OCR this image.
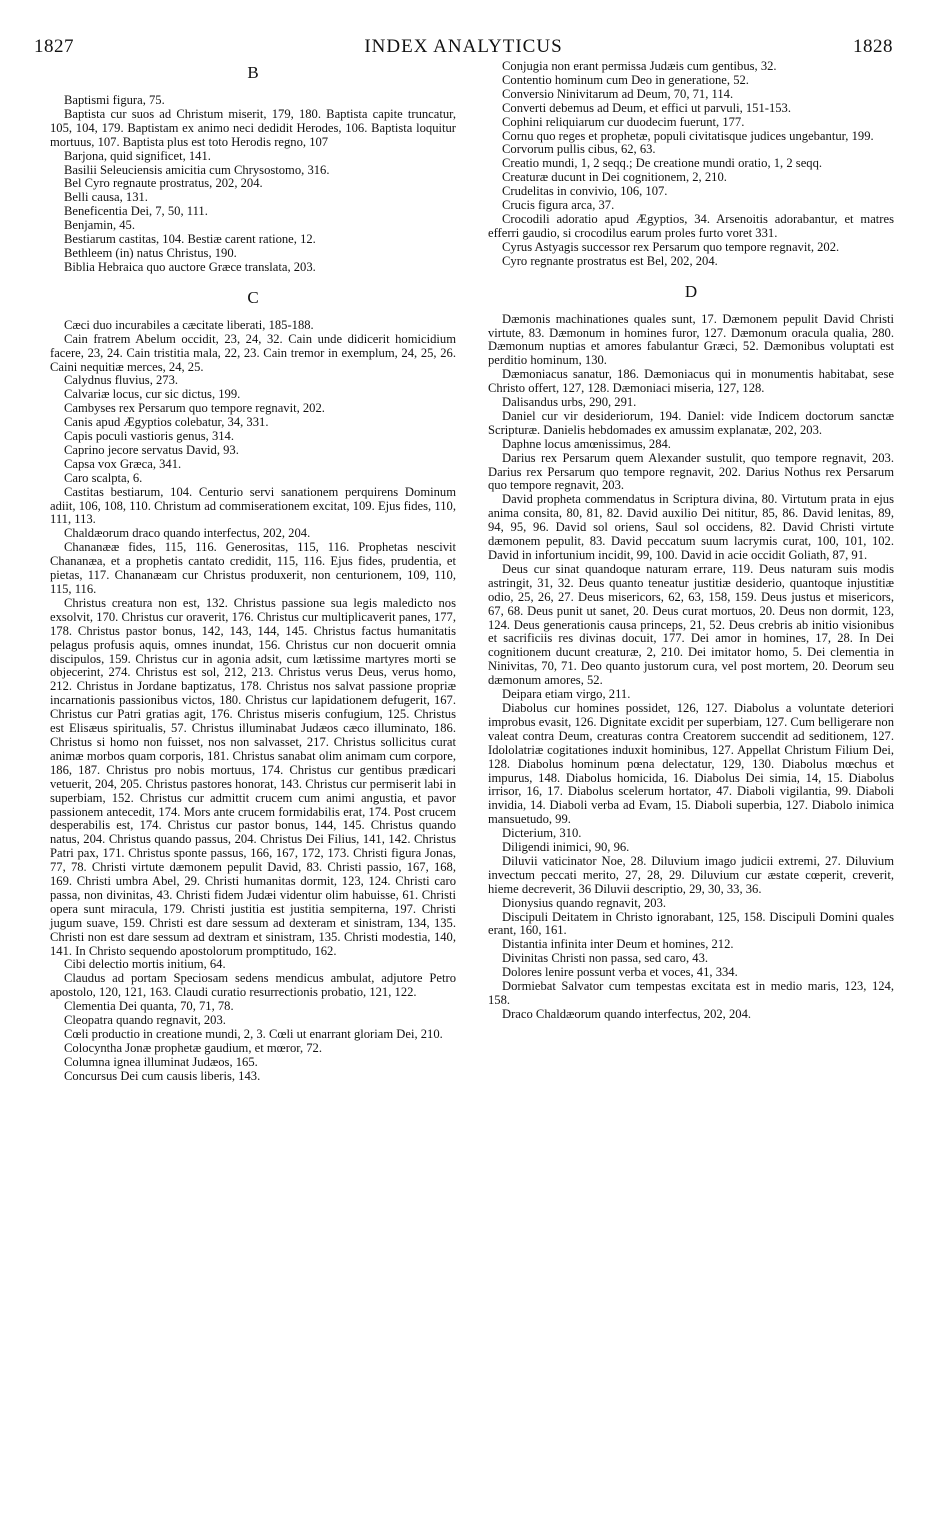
1827	INDEX ANALYTICUS	1828
B

Baptismi figura, 75.

Baptista cur suos ad Christum miserit, 179, 180. Baptista capite truncatur, 105, 104, 179. Baptistam ex animo neci dedidit Herodes, 106. Baptista loquitur mortuus, 107. Baptista plus est toto Herodis regno, 107

Barjona, quid significet, 141.

Basilii Seleuciensis amicitia cum Chrysostomo, 316.

Bel Cyro regnaute prostratus, 202, 204.

Belli causa, 131.

Beneficentia Dei, 7, 50, 111.

Benjamin, 45.

Bestiarum castitas, 104. Bestiæ carent ratione, 12.

Bethleem (in) natus Christus, 190.

Biblia Hebraica quo auctore Græce translata, 203.

C

Cæci duo incurabiles a cæcitate liberati, 185-188.

Cain fratrem Abelum occidit, 23, 24, 32. Cain unde didicerit homicidium facere, 23, 24. Cain tristitia mala, 22, 23. Cain tremor in exemplum, 24, 25, 26. Caini nequitiæ merces, 24, 25.

Calydnus fluvius, 273.

Calvariæ locus, cur sic dictus, 199.

Cambyses rex Persarum quo tempore regnavit, 202.

Canis apud Ægyptios colebatur, 34, 331.

Capis poculi vastioris genus, 314.

Caprino jecore servatus David, 93.

Capsa vox Græca, 341.

Caro scalpta, 6.

Castitas bestiarum, 104. Centurio servi sanationem perquirens Dominum adiit, 106, 108, 110. Christum ad commiserationem excitat, 109. Ejus fides, 110, 111, 113.

Chaldæorum draco quando interfectus, 202, 204.

Chananææ fides, 115, 116. Generositas, 115, 116. Prophetas nescivit Chananæa, et a prophetis cantato credidit, 115, 116. Ejus fides, prudentia, et pietas, 117. Chananæam cur Christus produxerit, non centurionem, 109, 110, 115, 116.

Christus creatura non est, 132. Christus passione sua legis maledicto nos exsolvit, 170. Christus cur oraverit, 176. Christus cur multiplicaverit panes, 177, 178. Christus pastor bonus, 142, 143, 144, 145. Christus factus humanitatis pelagus profusis aquis, omnes inundat, 156. Christus cur non docuerit omnia discipulos, 159. Christus cur in agonia adsit, cum lætissime martyres morti se objecerint, 274. Christus est sol, 212, 213. Christus verus Deus, verus homo, 212. Christus in Jordane baptizatus, 178. Christus nos salvat passione propriæ incarnationis passionibus victos, 180. Christus cur lapidationem defugerit, 167. Christus cur Patri gratias agit, 176. Christus miseris confugium, 125. Christus est Elisæus spiritualis, 57. Christus illuminabat Judæos cæco illuminato, 186. Christus si homo non fuisset, nos non salvasset, 217. Christus sollicitus curat animæ morbos quam corporis, 181. Christus sanabat olim animam cum corpore, 186, 187. Christus pro nobis mortuus, 174. Christus cur gentibus prædicari vetuerit, 204, 205. Christus pastores honorat, 143. Christus cur permiserit labi in superbiam, 152. Christus cur admittit crucem cum animi angustia, et pavor passionem antecedit, 174. Mors ante crucem formidabilis erat, 174. Post crucem desperabilis est, 174. Christus cur pastor bonus, 144, 145. Christus quando natus, 204. Christus quando passus, 204. Christus Dei Filius, 141, 142. Christus Patri pax, 171. Christus sponte passus, 166, 167, 172, 173. Christi figura Jonas, 77, 78. Christi virtute dæmonem pepulit David, 83. Christi passio, 167, 168, 169. Christi umbra Abel, 29. Christi humanitas dormit, 123, 124. Christi caro passa, non divinitas, 43. Christi fidem Judæi videntur olim habuisse, 61. Christi opera sunt miracula, 179. Christi justitia est justitia sempiterna, 197. Christi jugum suave, 159. Christi est dare sessum ad dexteram et sinistram, 134, 135. Christi non est dare sessum ad dextram et sinistram, 135. Christi modestia, 140, 141. In Christo sequendo apostolorum promptitudo, 162.

Cibi delectio mortis initium, 64.

Claudus ad portam Speciosam sedens mendicus ambulat, adjutore Petro apostolo, 120, 121, 163. Claudi curatio resurrectionis probatio, 121, 122.

Clementia Dei quanta, 70, 71, 78.

Cleopatra quando regnavit, 203.

Cœli productio in creatione mundi, 2, 3. Cœli ut enarrant gloriam Dei, 210.

Colocyntha Jonæ prophetæ gaudium, et mœror, 72.

Columna ignea illuminat Judæos, 165.

Concursus Dei cum causis liberis, 143.

Conjugia non erant permissa Judæis cum gentibus, 32.

Contentio hominum cum Deo in generatione, 52.

Conversio Ninivitarum ad Deum, 70, 71, 114.

Converti debemus ad Deum, et effici ut parvuli, 151-153.

Cophini reliquiarum cur duodecim fuerunt, 177.

Cornu quo reges et prophetæ, populi civitatisque judices ungebantur, 199.

Corvorum pullis cibus, 62, 63.

Creatio mundi, 1, 2 seqq.; De creatione mundi oratio, 1, 2 seqq.

Creaturæ ducunt in Dei cognitionem, 2, 210.

Crudelitas in convivio, 106, 107.

Crucis figura arca, 37.

Crocodili adoratio apud Ægyptios, 34. Arsenoitis adorabantur, et matres efferri gaudio, si crocodilus earum proles furto voret 331.

Cyrus Astyagis successor rex Persarum quo tempore regnavit, 202.

Cyro regnante prostratus est Bel, 202, 204.

D

Dæmonis machinationes quales sunt, 17. Dæmonem pepulit David Christi virtute, 83. Dæmonum in homines furor, 127. Dæmonum oracula qualia, 280. Dæmonum nuptias et amores fabulantur Græci, 52. Dæmonibus voluptati est perditio hominum, 130.

Dæmoniacus sanatur, 186. Dæmoniacus qui in monumentis habitabat, sese Christo offert, 127, 128. Dæmoniaci miseria, 127, 128.

Dalisandus urbs, 290, 291.

Daniel cur vir desideriorum, 194. Daniel: vide Indicem doctorum sanctæ Scripturæ. Danielis hebdomades ex amussim explanatæ, 202, 203.

Daphne locus amœnissimus, 284.

Darius rex Persarum quem Alexander sustulit, quo tempore regnavit, 203. Darius rex Persarum quo tempore regnavit, 202. Darius Nothus rex Persarum quo tempore regnavit, 203.

David propheta commendatus in Scriptura divina, 80. Virtutum prata in ejus anima consita, 80, 81, 82. David auxilio Dei nititur, 85, 86. David lenitas, 89, 94, 95, 96. David sol oriens, Saul sol occidens, 82. David Christi virtute dæmonem pepulit, 83. David peccatum suum lacrymis curat, 100, 101, 102. David in infortunium incidit, 99, 100. David in acie occidit Goliath, 87, 91.

Deus cur sinat quandoque naturam errare, 119. Deus naturam suis modis astringit, 31, 32. Deus quanto teneatur justitiæ desiderio, quantoque injustitiæ odio, 25, 26, 27. Deus misericors, 62, 63, 158, 159. Deus justus et misericors, 67, 68. Deus punit ut sanet, 20. Deus curat mortuos, 20. Deus non dormit, 123, 124. Deus generationis causa princeps, 21, 52. Deus crebris ab initio visionibus et sacrificiis res divinas docuit, 177. Dei amor in homines, 17, 28. In Dei cognitionem ducunt creaturæ, 2, 210. Dei imitator homo, 5. Dei clementia in Ninivitas, 70, 71. Deo quanto justorum cura, vel post mortem, 20. Deorum seu dæmonum amores, 52.

Deipara etiam virgo, 211.

Diabolus cur homines possidet, 126, 127. Diabolus a voluntate deteriori improbus evasit, 126. Dignitate excidit per superbiam, 127. Cum belligerare non valeat contra Deum, creaturas contra Creatorem succendit ad seditionem, 127. Idololatriæ cogitationes induxit hominibus, 127. Appellat Christum Filium Dei, 128. Diabolus hominum pœna delectatur, 129, 130. Diabolus mœchus et impurus, 148. Diabolus homicida, 16. Diabolus Dei simia, 14, 15. Diabolus irrisor, 16, 17. Diabolus scelerum hortator, 47. Diaboli vigilantia, 99. Diaboli invidia, 14. Diaboli verba ad Evam, 15. Diaboli superbia, 127. Diabolo inimica mansuetudo, 99.

Dicterium, 310.

Diligendi inimici, 90, 96.

Diluvii vaticinator Noe, 28. Diluvium imago judicii extremi, 27. Diluvium invectum peccati merito, 27, 28, 29. Diluvium cur æstate cœperit, creverit, hieme decreverit, 36 Diluvii descriptio, 29, 30, 33, 36.

Dionysius quando regnavit, 203.

Discipuli Deitatem in Christo ignorabant, 125, 158. Discipuli Domini quales erant, 160, 161.

Distantia infinita inter Deum et homines, 212.

Divinitas Christi non passa, sed caro, 43.

Dolores lenire possunt verba et voces, 41, 334.

Dormiebat Salvator cum tempestas excitata est in medio maris, 123, 124, 158.

Draco Chaldæorum quando interfectus, 202, 204.
